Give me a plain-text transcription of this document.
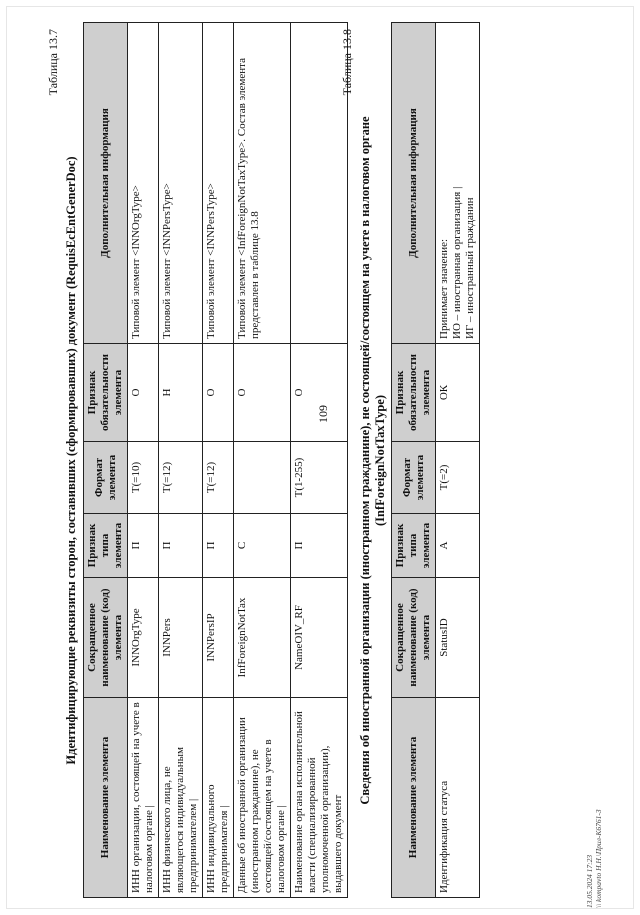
109
Таблица 13.7
Идентифицирующие реквизиты сторон, составивших (сформировавших) документ (RequisEcEntGenerDoc)
Наименование элемента	Сокращенное наименование (код) элемента	Признак типа элемента	Формат элемента	Признак обязательности элемента	Дополнительная информация
ИНН организации, состоящей на учете в налоговом органе |	INNOrgType	П	T(=10)	О	Типовой элемент <INNOrgType>
ИНН физического лица, не являющегося индивидуальным предпринимателем |	INNPers	П	T(=12)	Н	Типовой элемент <INNPersType>
ИНН индивидуального предпринимателя |	INNPersIP	П	T(=12)	О	Типовой элемент <INNPersType>
Данные об иностранной организации (иностранном гражданине), не состоящей/состоящем на учете в налоговом органе |	InfForeignNotTax	С		О	Типовой элемент <InfForeignNotTaxType>. Состав элемента представлен в таблице 13.8
Наименование органа исполнительной власти (специализированной уполномоченной организации), выдавшего документ	NameOIV_RF	П	T(1-255)	О	
Таблица 13.8
Сведения об иностранной организации (иностранном гражданине), не состоящей/состоящем на учете в налоговом органе (InfForeignNotTaxType)
Наименование элемента	Сокращенное наименование (код) элемента	Признак типа элемента	Формат элемента	Признак обязательности элемента	Дополнительная информация
Идентификация статуса	StatusID	А	T(=2)	ОК	Принимает значение:
ИО – иностранная организация |
ИГ – иностранный гражданин
13.05.2024 17:23 \\ kompavto Н.Н.\Прил-К6761-3
